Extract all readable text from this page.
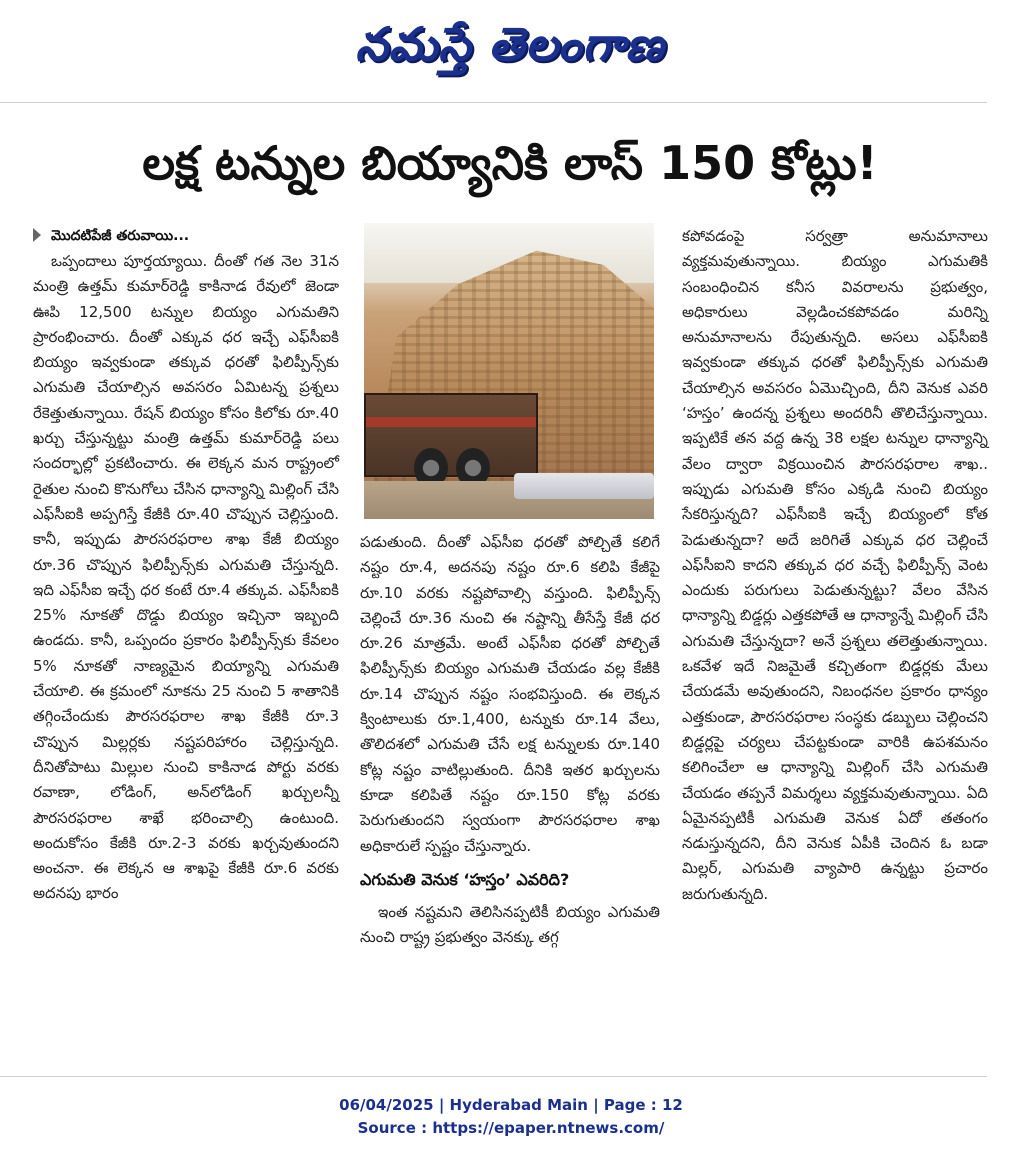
నమస్తే తెలంగాణ
లక్ష టన్నుల బియ్యానికి లాస్ 150 కోట్లు!

మొదటిపేజీ తరువాయి...

ఒప్పందాలు పూర్తయ్యాయి. దీంతో గత నెల 31న మంత్రి ఉత్తమ్ కుమార్‌రెడ్డి కాకినాడ రేవులో జెండా ఊపి 12,500 టన్నుల బియ్యం ఎగుమతిని ప్రారంభించారు. దీంతో ఎక్కువ ధర ఇచ్చే ఎఫ్‌సీఐకి బియ్యం ఇవ్వకుండా తక్కువ ధరతో ఫిలిప్పీన్స్‌కు ఎగుమతి చేయాల్సిన అవసరం ఏమిటన్న ప్రశ్నలు రేకెత్తుతున్నాయి. రేషన్ బియ్యం కోసం కిలోకు రూ.40 ఖర్చు చేస్తున్నట్టు మంత్రి ఉత్తమ్ కుమార్‌రెడ్డి పలు సందర్భాల్లో ప్రకటించారు. ఈ లెక్కన మన రాష్ట్రంలో రైతుల నుంచి కొనుగోలు చేసిన ధాన్యాన్ని మిల్లింగ్ చేసి ఎఫ్‌సీఐకి అప్పగిస్తే కేజీకి రూ.40 చొప్పున చెల్లిస్తుంది. కానీ, ఇప్పుడు పౌరసరఫరాల శాఖ కేజీ బియ్యం రూ.36 చొప్పున ఫిలిప్పీన్స్‌కు ఎగుమతి చేస్తున్నది. ఇది ఎఫ్‌సీఐ ఇచ్చే ధర కంటే రూ.4 తక్కువ. ఎఫ్‌సీఐకి 25% నూకతో దొడ్డు బియ్యం ఇచ్చినా ఇబ్బంది ఉండదు. కానీ, ఒప్పందం ప్రకారం ఫిలిప్పీన్స్‌కు కేవలం 5% నూకతో నాణ్యమైన బియ్యాన్ని ఎగుమతి చేయాలి. ఈ క్రమంలో నూకను 25 నుంచి 5 శాతానికి తగ్గించేందుకు పౌరసరఫరాల శాఖ కేజీకి రూ.3 చొప్పున మిల్లర్లకు నష్టపరిహారం చెల్లిస్తున్నది. దీనితోపాటు మిల్లుల నుంచి కాకినాడ పోర్టు వరకు రవాణా, లోడింగ్, అన్‌లోడింగ్ ఖర్చులన్నీ పౌరసరఫరాల శాఖే భరించాల్సి ఉంటుంది. అందుకోసం కేజీకి రూ.2-3 వరకు ఖర్చవుతుందని అంచనా. ఈ లెక్కన ఆ శాఖపై కేజీకి రూ.6 వరకు అదనపు భారం

పడుతుంది. దీంతో ఎఫ్‌సీఐ ధరతో పోల్చితే కలిగే నష్టం రూ.4, అదనపు నష్టం రూ.6 కలిపి కేజీపై రూ.10 వరకు నష్టపోవాల్సి వస్తుంది. ఫిలిప్పీన్స్ చెల్లించే రూ.36 నుంచి ఈ నష్టాన్ని తీసేస్తే కేజీ ధర రూ.26 మాత్రమే. అంటే ఎఫ్‌సీఐ ధరతో పోల్చితే ఫిలిప్పీన్స్‌కు బియ్యం ఎగుమతి చేయడం వల్ల కేజీకి రూ.14 చొప్పున నష్టం సంభవిస్తుంది. ఈ లెక్కన క్వింటాలుకు రూ.1,400, టన్నుకు రూ.14 వేలు, తొలిదశలో ఎగుమతి చేసే లక్ష టన్నులకు రూ.140 కోట్ల నష్టం వాటిల్లుతుంది. దీనికి ఇతర ఖర్చులను కూడా కలిపితే నష్టం రూ.150 కోట్ల వరకు పెరుగుతుందని స్వయంగా పౌరసరఫరాల శాఖ అధికారులే స్పష్టం చేస్తున్నారు.

ఎగుమతి వెనుక ‘హస్తం’ ఎవరిది?

ఇంత నష్టమని తెలిసినప్పటికీ బియ్యం ఎగుమతి నుంచి రాష్ట్ర ప్రభుత్వం వెనక్కు తగ్గ

కపోవడంపై సర్వత్రా అనుమానాలు వ్యక్తమవుతున్నాయి. బియ్యం ఎగుమతికి సంబంధించిన కనీస వివరాలను ప్రభుత్వం, అధికారులు వెల్లడించకపోవడం మరిన్ని అనుమానాలను రేపుతున్నది. అసలు ఎఫ్‌సీఐకి ఇవ్వకుండా తక్కువ ధరతో ఫిలిప్పీన్స్‌కు ఎగుమతి చేయాల్సిన అవసరం ఏమొచ్చింది, దీని వెనుక ఎవరి ‘హస్తం’ ఉందన్న ప్రశ్నలు అందరినీ తొలిచేస్తున్నాయి. ఇప్పటికే తన వద్ద ఉన్న 38 లక్షల టన్నుల ధాన్యాన్ని వేలం ద్వారా విక్రయించిన పౌరసరఫరాల శాఖ.. ఇప్పుడు ఎగుమతి కోసం ఎక్కడి నుంచి బియ్యం సేకరిస్తున్నది? ఎఫ్‌సీఐకి ఇచ్చే బియ్యంలో కోత పెడుతున్నదా? అదే జరిగితే ఎక్కువ ధర చెల్లించే ఎఫ్‌సీఐని కాదని తక్కువ ధర వచ్చే ఫిలిప్పీన్స్ వెంట ఎందుకు పరుగులు పెడుతున్నట్టు? వేలం వేసిన ధాన్యాన్ని బిడ్డర్లు ఎత్తకపోతే ఆ ధాన్యాన్నే మిల్లింగ్ చేసి ఎగుమతి చేస్తున్నదా? అనే ప్రశ్నలు తలెత్తుతున్నాయి. ఒకవేళ ఇదే నిజమైతే కచ్చితంగా బిడ్డర్లకు మేలు చేయడమే అవుతుందని, నిబంధనల ప్రకారం ధాన్యం ఎత్తకుండా, పౌరసరఫరాల సంస్థకు డబ్బులు చెల్లించని బిడ్డర్లపై చర్యలు చేపట్టకుండా వారికి ఉపశమనం కలిగించేలా ఆ ధాన్యాన్ని మిల్లింగ్ చేసి ఎగుమతి చేయడం తప్పనే విమర్శలు వ్యక్తమవుతున్నాయి. ఏది ఏమైనప్పటికీ ఎగుమతి వెనుక ఏదో తతంగం నడుస్తున్నదని, దీని వెనుక ఏపీకి చెందిన ఓ బడా మిల్లర్, ఎగుమతి వ్యాపారి ఉన్నట్టు ప్రచారం జరుగుతున్నది.

06/04/2025 | Hyderabad Main | Page : 12
Source : https://epaper.ntnews.com/
